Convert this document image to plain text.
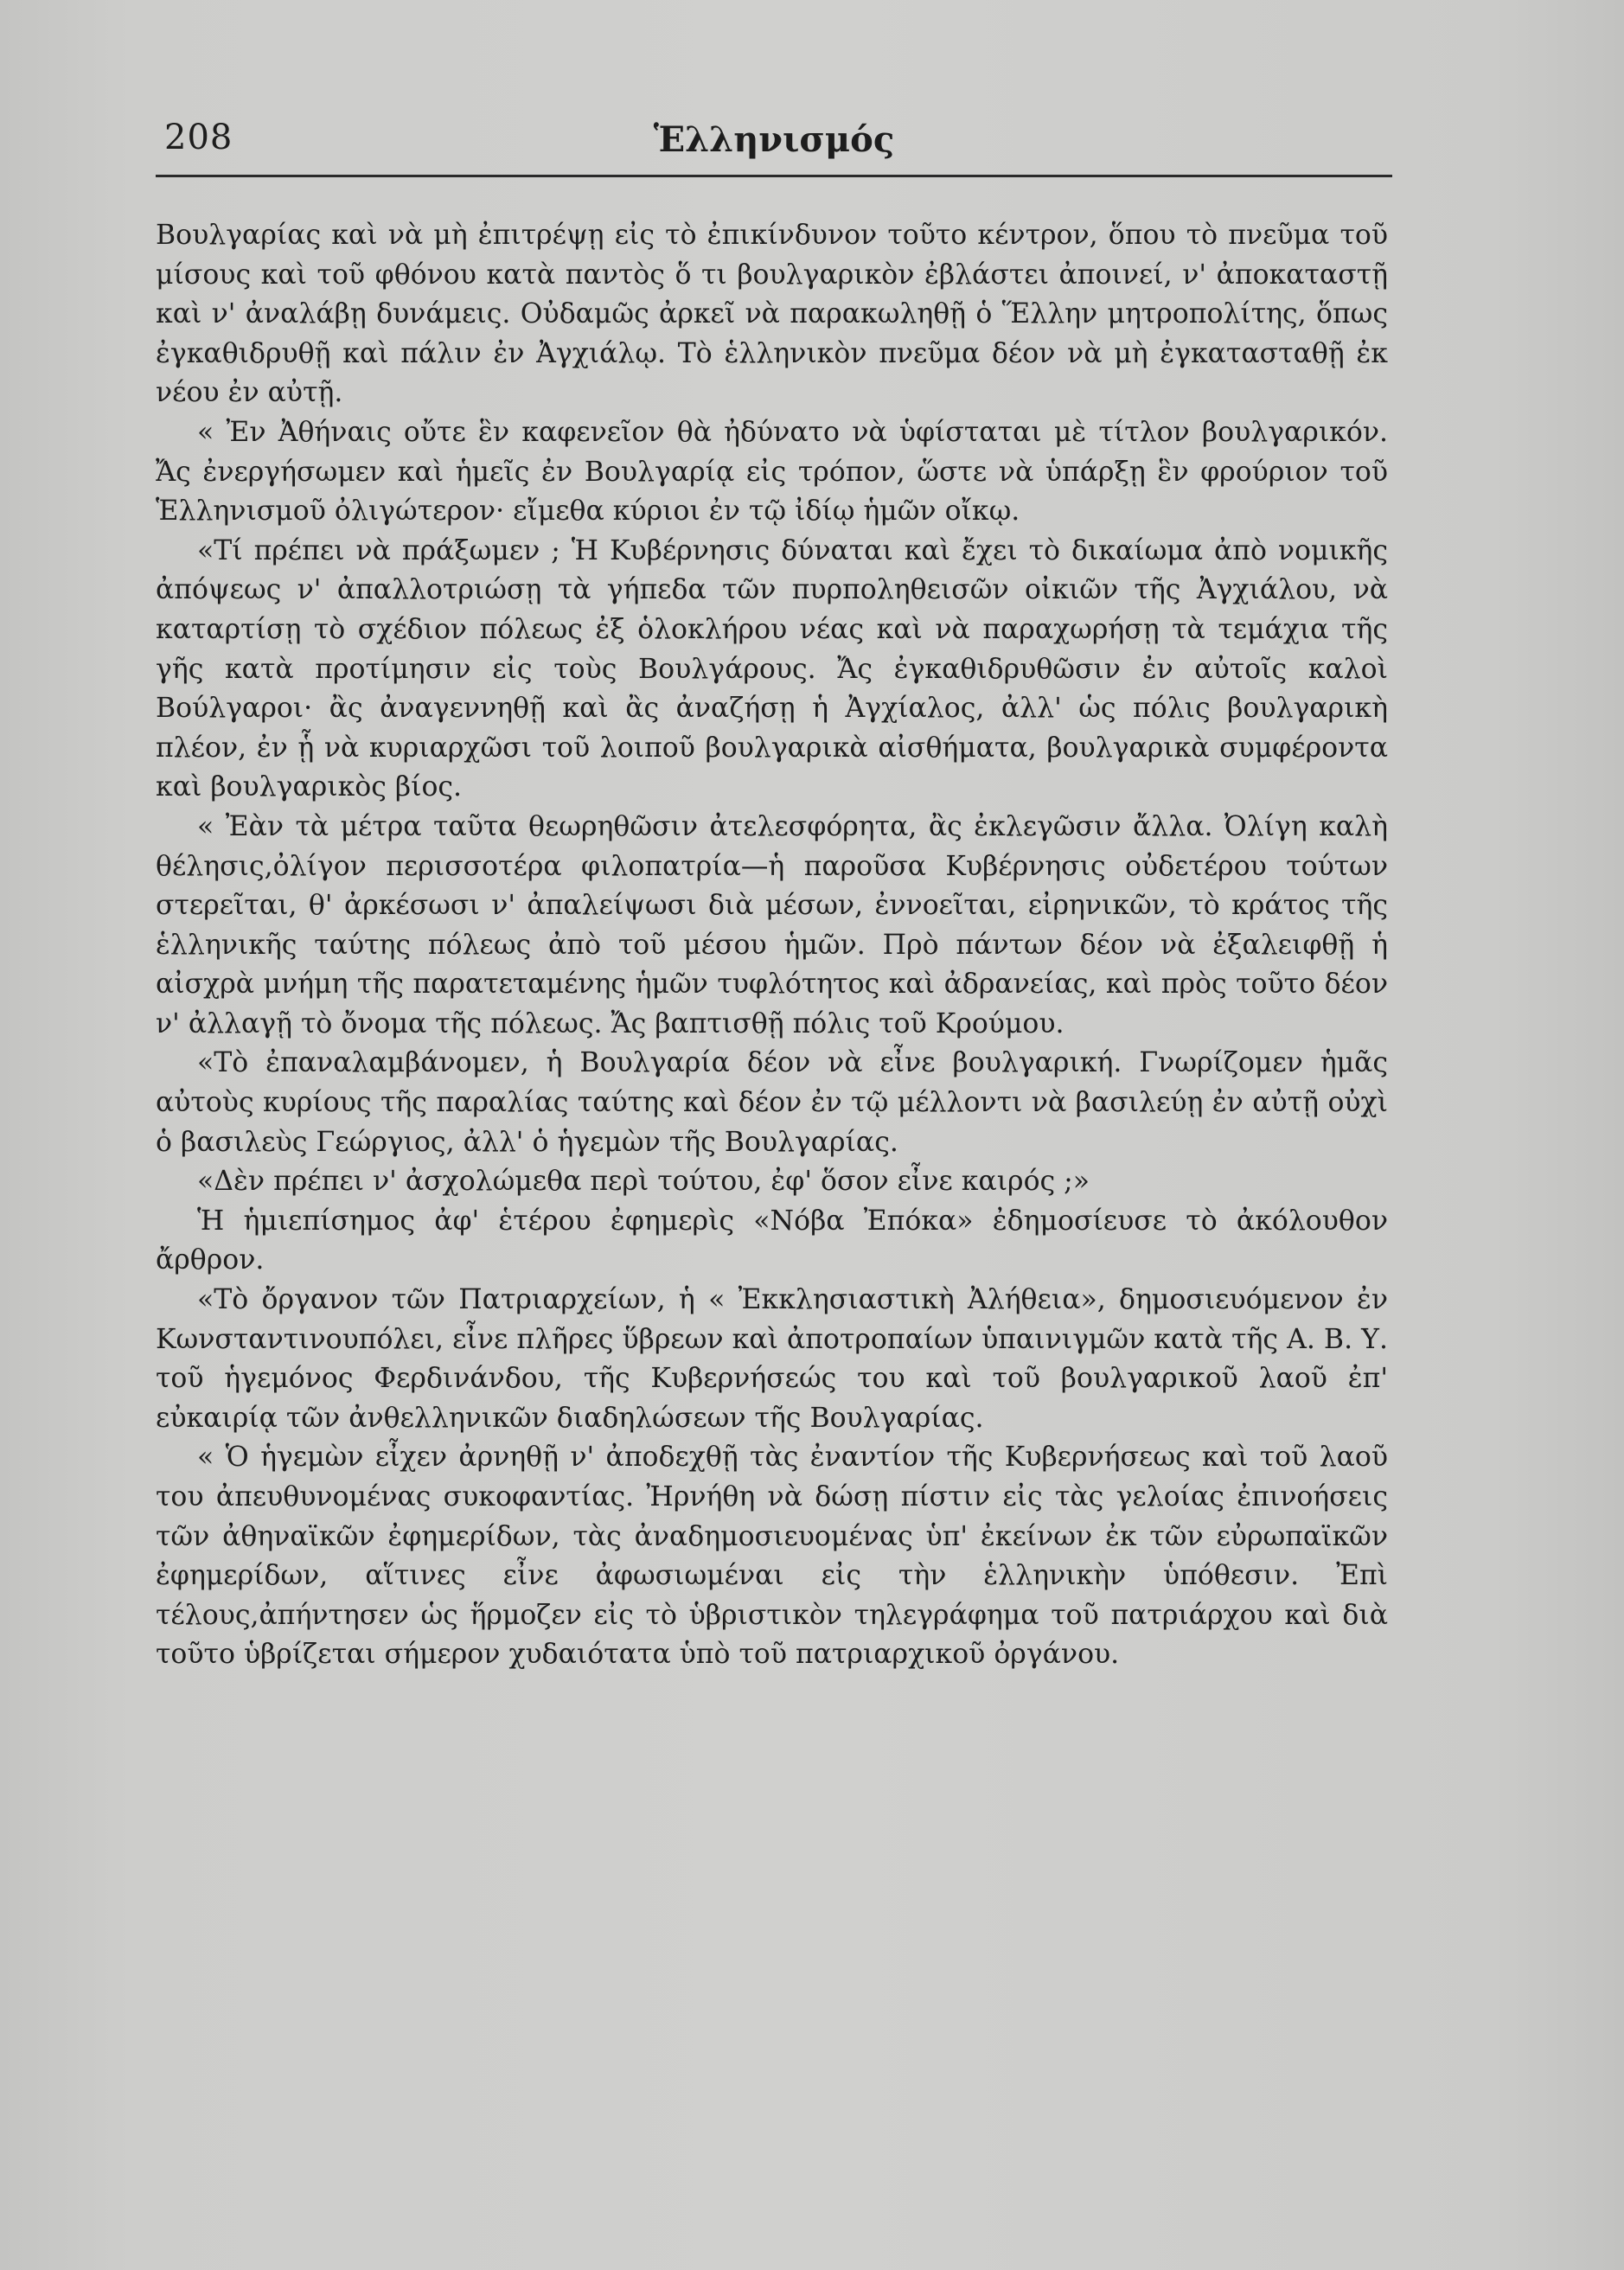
208	Ἑλληνισμός

Βουλγαρίας καὶ νὰ μὴ ἐπιτρέψῃ εἰς τὸ ἐπικίνδυνον τοῦτο κέντρον, ὅπου τὸ πνεῦμα τοῦ μίσους καὶ τοῦ φθόνου κατὰ παντὸς ὅ τι βουλγαρικὸν ἐβλάστει ἀποινεί, ν' ἀποκαταστῇ καὶ ν' ἀναλάβῃ δυνάμεις. Οὐδαμῶς ἀρκεῖ νὰ παρακωληθῇ ὁ Ἕλλην μητροπολίτης, ὅπως ἐγκαθιδρυθῇ καὶ πάλιν ἐν Ἀγχιάλῳ. Τὸ ἑλληνικὸν πνεῦμα δέον νὰ μὴ ἐγκατασταθῇ ἐκ νέου ἐν αὐτῇ.

« Ἐν Ἀθήναις οὔτε ἓν καφενεῖον θὰ ἠδύνατο νὰ ὑφίσταται μὲ τίτλον βουλγαρικόν. Ἄς ἐνεργήσωμεν καὶ ἡμεῖς ἐν Βουλγαρίᾳ εἰς τρόπον, ὥστε νὰ ὑπάρξῃ ἓν φρούριον τοῦ Ἑλληνισμοῦ ὀλιγώτερον· εἴμεθα κύριοι ἐν τῷ ἰδίῳ ἡμῶν οἴκῳ.

«Τί πρέπει νὰ πράξωμεν ; Ἡ Κυβέρνησις δύναται καὶ ἔχει τὸ δικαίωμα ἀπὸ νομικῆς ἀπόψεως ν' ἀπαλλοτριώσῃ τὰ γήπεδα τῶν πυρποληθεισῶν οἰκιῶν τῆς Ἀγχιάλου, νὰ καταρτίσῃ τὸ σχέδιον πόλεως ἐξ ὁλοκλήρου νέας καὶ νὰ παραχωρήσῃ τὰ τεμάχια τῆς γῆς κατὰ προτίμησιν εἰς τοὺς Βουλγάρους. Ἄς ἐγκαθιδρυθῶσιν ἐν αὐτοῖς καλοὶ Βούλγαροι· ἂς ἀναγεννηθῇ καὶ ἂς ἀναζήσῃ ἡ Ἀγχίαλος, ἀλλ' ὡς πόλις βουλγαρικὴ πλέον, ἐν ᾗ νὰ κυριαρχῶσι τοῦ λοιποῦ βουλγαρικὰ αἰσθήματα, βουλγαρικὰ συμφέροντα καὶ βουλγαρικὸς βίος.

« Ἐὰν τὰ μέτρα ταῦτα θεωρηθῶσιν ἀτελεσφόρητα, ἂς ἐκλεγῶσιν ἄλλα. Ὀλίγη καλὴ θέλησις,ὀλίγον περισσοτέρα φιλοπατρία—ἡ παροῦσα Κυβέρνησις οὐδετέρου τούτων στερεῖται, θ' ἀρκέσωσι ν' ἀπαλείψωσι διὰ μέσων, ἐννοεῖται, εἰρηνικῶν, τὸ κράτος τῆς ἑλληνικῆς ταύτης πόλεως ἀπὸ τοῦ μέσου ἡμῶν. Πρὸ πάντων δέον νὰ ἐξαλειφθῇ ἡ αἰσχρὰ μνήμη τῆς παρατεταμένης ἡμῶν τυφλότητος καὶ ἀδρανείας, καὶ πρὸς τοῦτο δέον ν' ἀλλαγῇ τὸ ὄνομα τῆς πόλεως. Ἄς βαπτισθῇ πόλις τοῦ Κρούμου.

«Τὸ ἐπαναλαμβάνομεν, ἡ Βουλγαρία δέον νὰ εἶνε βουλγαρική. Γνωρίζομεν ἡμᾶς αὐτοὺς κυρίους τῆς παραλίας ταύτης καὶ δέον ἐν τῷ μέλλοντι νὰ βασιλεύῃ ἐν αὐτῇ οὐχὶ ὁ βασιλεὺς Γεώργιος, ἀλλ' ὁ ἡγεμὼν τῆς Βουλγαρίας.

«Δὲν πρέπει ν' ἀσχολώμεθα περὶ τούτου, ἐφ' ὅσον εἶνε καιρός ;»

Ἡ ἡμιεπίσημος ἀφ' ἑτέρου ἐφημερὶς «Νόβα Ἐπόκα» ἐδημοσίευσε τὸ ἀκόλουθον ἄρθρον.

«Τὸ ὄργανον τῶν Πατριαρχείων, ἡ « Ἐκκλησιαστικὴ Ἀλήθεια», δημοσιευόμενον ἐν Κωνσταντινουπόλει, εἶνε πλῆρες ὕβρεων καὶ ἀποτροπαίων ὑπαινιγμῶν κατὰ τῆς Α. Β. Υ. τοῦ ἡγεμόνος Φερδινάνδου, τῆς Κυβερνήσεώς του καὶ τοῦ βουλγαρικοῦ λαοῦ ἐπ' εὐκαιρίᾳ τῶν ἀνθελληνικῶν διαδηλώσεων τῆς Βουλγαρίας.

« Ὁ ἡγεμὼν εἶχεν ἀρνηθῇ ν' ἀποδεχθῇ τὰς ἐναντίον τῆς Κυβερνήσεως καὶ τοῦ λαοῦ του ἀπευθυνομένας συκοφαντίας. Ἠρνήθη νὰ δώσῃ πίστιν εἰς τὰς γελοίας ἐπινοήσεις τῶν ἀθηναϊκῶν ἐφημερίδων, τὰς ἀναδημοσιευομένας ὑπ' ἐκείνων ἐκ τῶν εὐρωπαϊκῶν ἐφημερίδων, αἵτινες εἶνε ἀφωσιωμέναι εἰς τὴν ἑλληνικὴν ὑπόθεσιν. Ἐπὶ τέλους,ἀπήντησεν ὡς ἥρμοζεν εἰς τὸ ὑβριστικὸν τηλεγράφημα τοῦ πατριάρχου καὶ διὰ τοῦτο ὑβρίζεται σήμερον χυδαιότατα ὑπὸ τοῦ πατριαρχικοῦ ὀργάνου.
